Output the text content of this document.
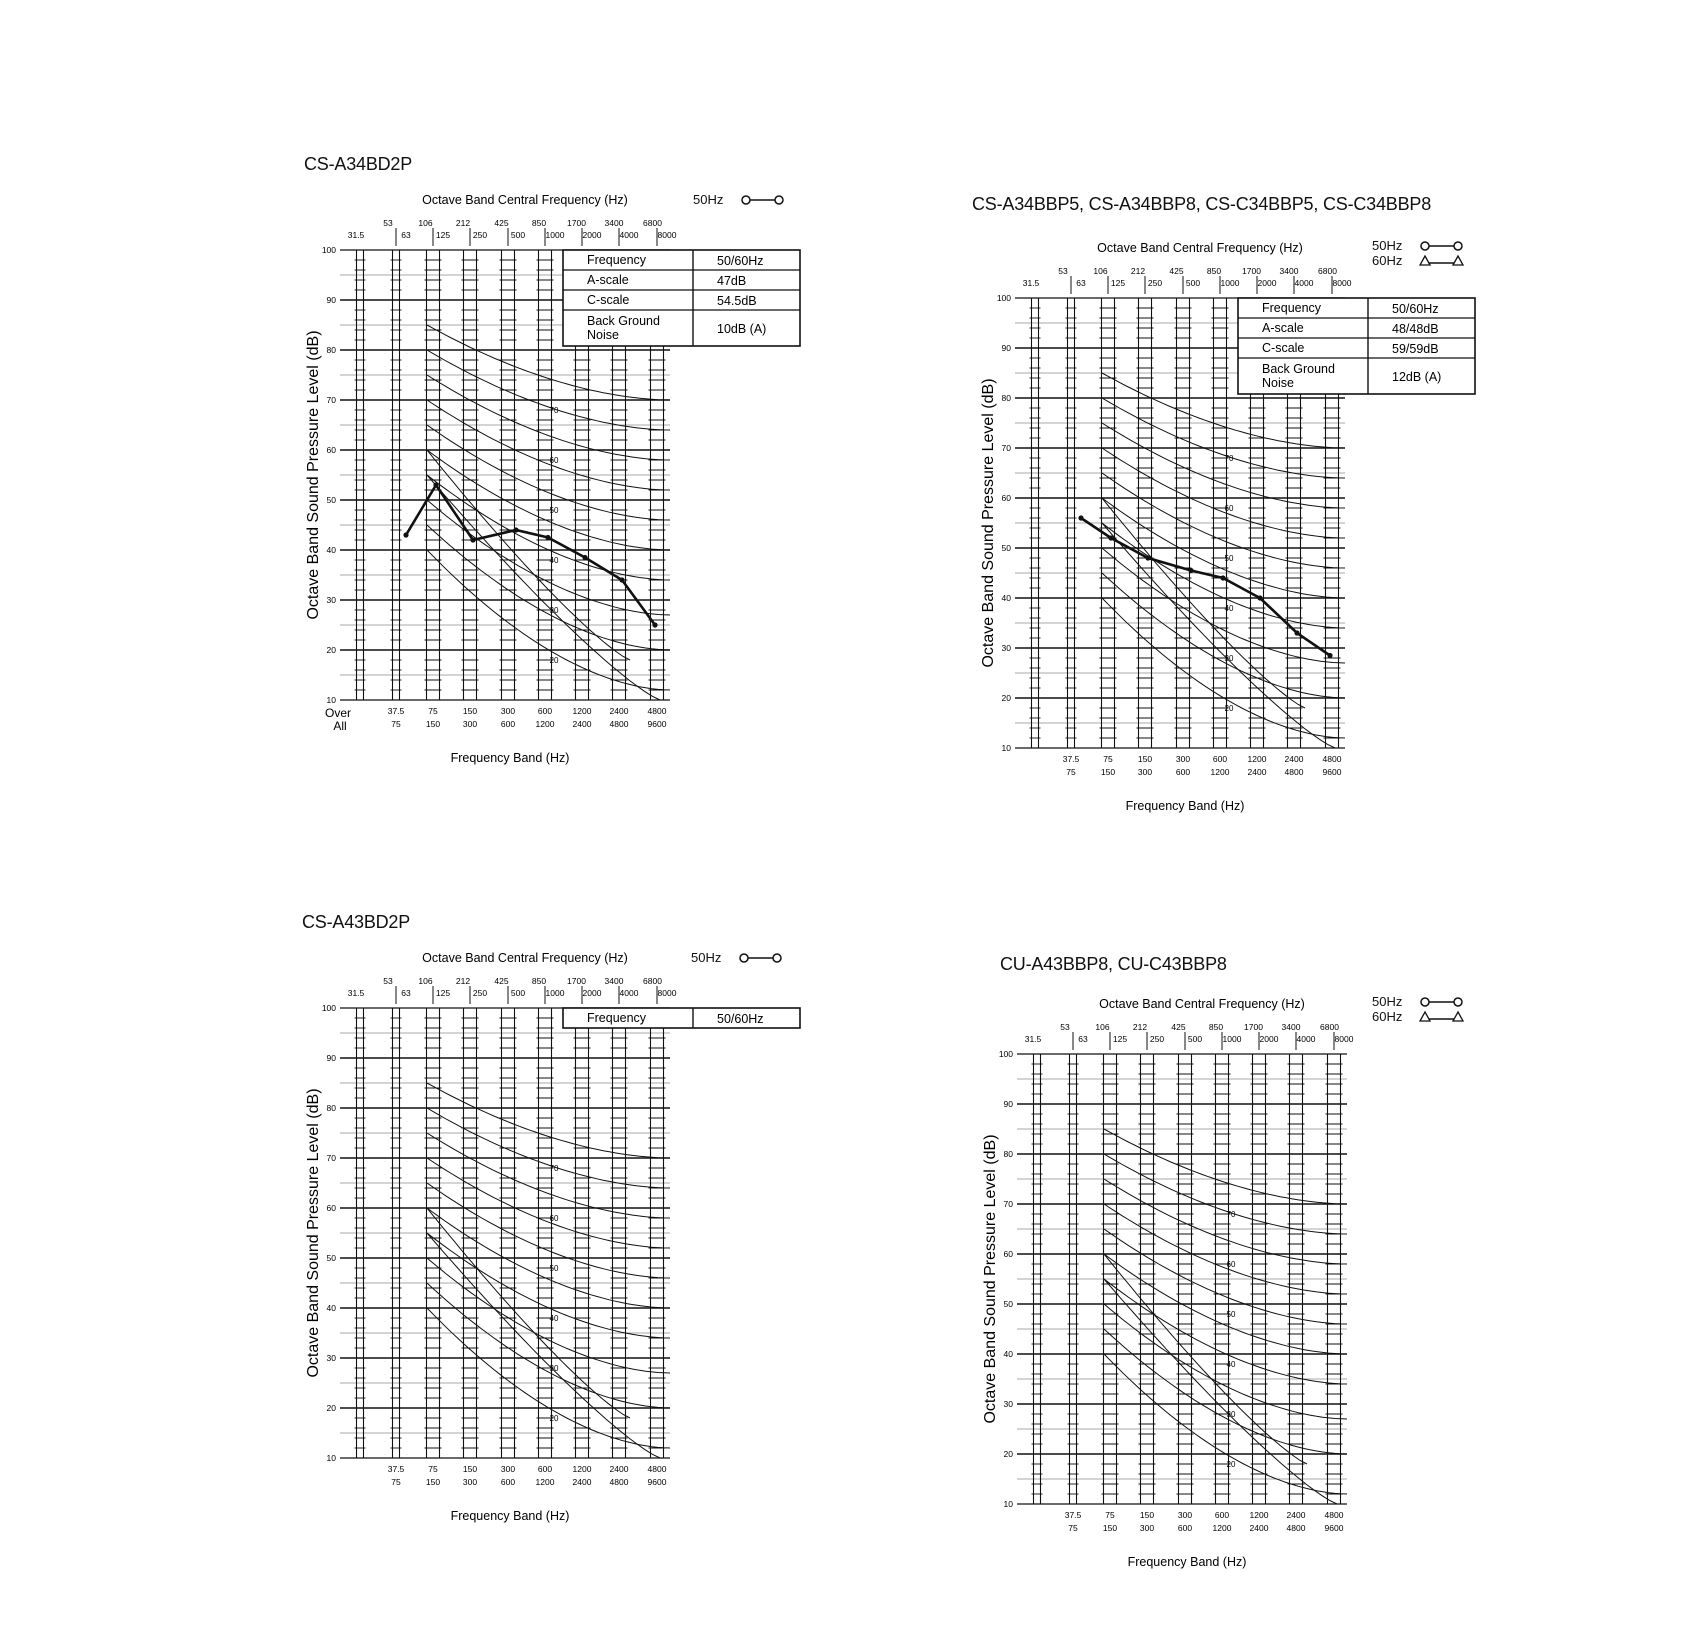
CS-A34BD2P
CS-A34BBP5, CS-A34BBP8, CS-C34BBP5, CS-C34BBP8
CS-A43BD2P
CU-A43BBP8, CU-C43BBP8
50Hz
50Hz
60Hz
50Hz
50Hz
60Hz
Octave Band Central Frequency (Hz)
53	106	212	425	850 1700 3400 6800
31.5	63	125	250	500 1000 2000 4000 8000
10
20
30
40
50
60
70
80
90
100
70
60
50
40
30
20
37.5	75	150	300	600 1200 2400 4800
75	150	300	600 1200 2400 4800 9600
Over
All
Frequency Band (Hz)
Octave Band Sound Pressure Level (dB)
Frequency	50/60Hz
A-scale	47dB
C-scale	54.5dB
Back Ground
Noise	10dB (A)
Octave Band Central Frequency (Hz)
53	106	212	425	850 1700 3400 6800
31.5	63	125	250	500 1000 2000 4000 8000
10
20
30
40
50
60
70
80
90
100
70
60
50
40
30
20
37.5	75	150	300	600 1200 2400 4800
75	150	300	600 1200 2400 4800 9600
Frequency Band (Hz)
Octave Band Sound Pressure Level (dB)
Frequency	50/60Hz
A-scale	48/48dB
C-scale	59/59dB
Back Ground
Noise	12dB (A)
Octave Band Central Frequency (Hz)
53	106	212	425	850 1700 3400 6800
31.5	63	125	250	500 1000 2000 4000 8000
10
20
30
40
50
60
70
80
90
100
70
60
50
40
30
20
37.5	75	150	300	600 1200 2400 4800
75	150	300	600 1200 2400 4800 9600
Frequency Band (Hz)
Octave Band Sound Pressure Level (dB)
Frequency	50/60Hz
Octave Band Central Frequency (Hz)
53	106	212	425	850 1700 3400 6800
31.5	63	125	250	500 1000 2000 4000 8000
10
20
30
40
50
60
70
80
90
100
70
60
50
40
30
20
37.5	75	150	300	600 1200 2400 4800
75	150	300	600 1200 2400 4800 9600
Frequency Band (Hz)
Octave Band Sound Pressure Level (dB)
